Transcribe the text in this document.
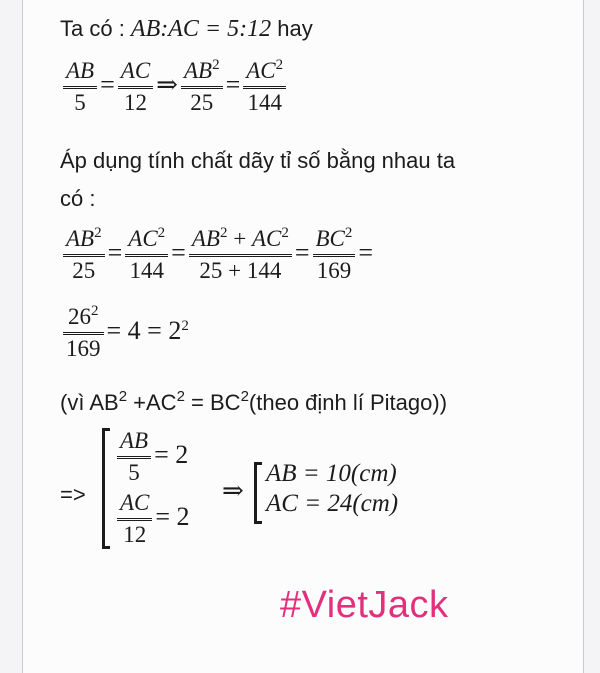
Ta có : AB:AC = 5:12 hay
$\frac{AB}{5} = \frac{AC}{12}$ ⇒ $\frac{AB^2}{25} = \frac{AC^2}{144}$
Áp dụng tính chất dãy tỉ số bằng nhau ta
có :
$\frac{AB^2}{25} = \frac{AC^2}{144} = \frac{AB^2 + AC^2}{25 + 144} = \frac{BC^2}{169}$ =
$\frac{26^2}{169} = 4 = 2^2$
(vì $AB^2 +AC^2$ = $BC^2(theo$ định lí Pitago))
=>
$\frac{AB}{5} = 2$
$\frac{AC}{12} = 2$
⇒
AB = 10(cm)
AC = 24(cm)
#VietJack
